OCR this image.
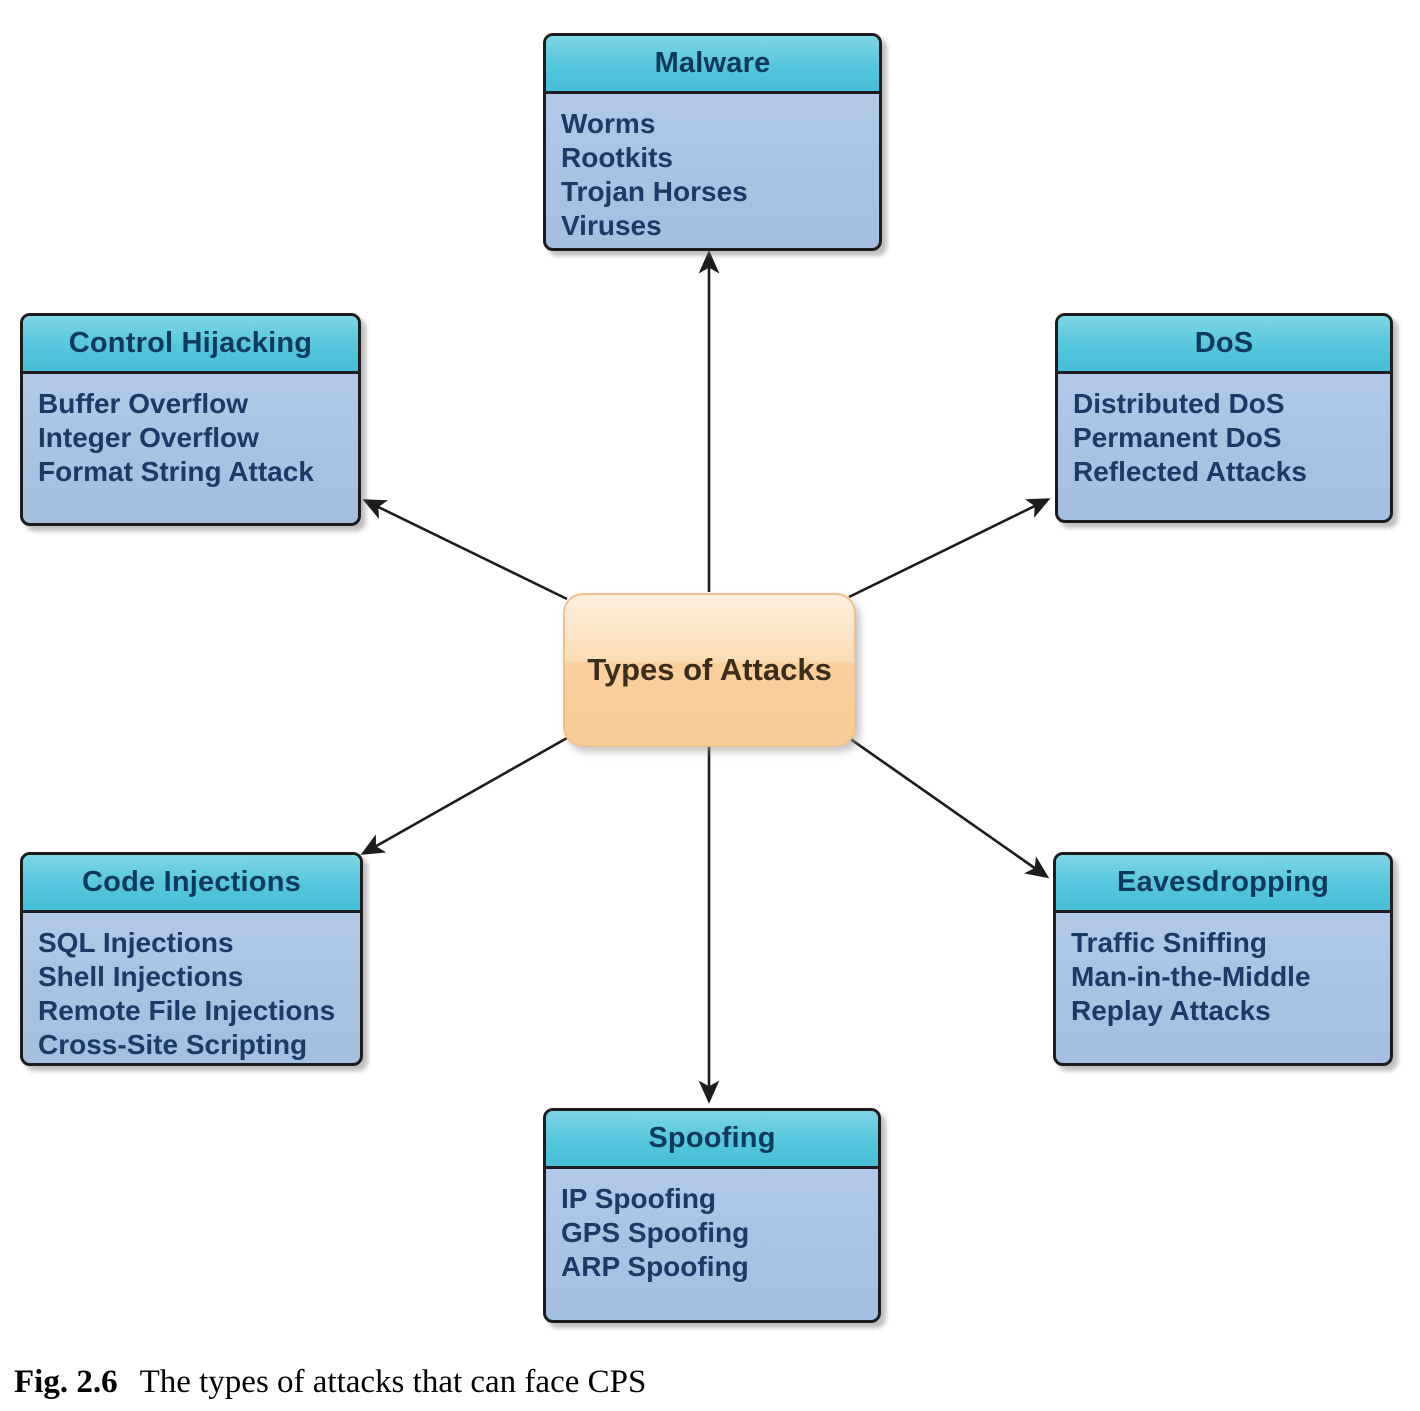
Malware
Worms
Rootkits
Trojan Horses
Viruses
Control Hijacking
Buffer Overflow
Integer Overflow
Format String Attack
DoS
Distributed DoS
Permanent DoS
Reflected Attacks
Types of Attacks
Code Injections
SQL Injections
Shell Injections
Remote File Injections
Cross-Site Scripting
Eavesdropping
Traffic Sniffing
Man-in-the-Middle
Replay Attacks
Spoofing
IP Spoofing
GPS Spoofing
ARP Spoofing
Fig. 2.6 The types of attacks that can face CPS
